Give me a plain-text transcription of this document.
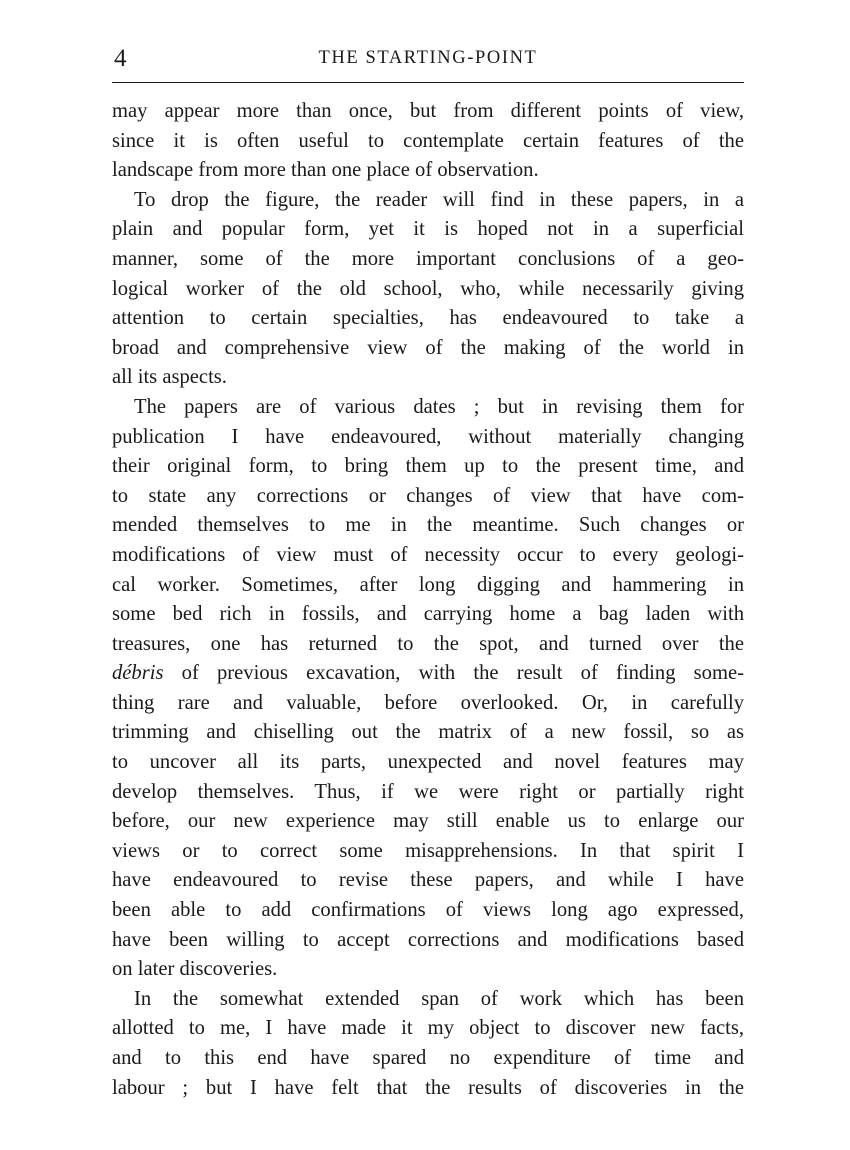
4	THE STARTING-POINT
may appear more than once, but from different points of view,
since it is often useful to contemplate certain features of the
landscape from more than one place of observation.
To drop the figure, the reader will find in these papers, in a
plain and popular form, yet it is hoped not in a superficial
manner, some of the more important conclusions of a geo-
logical worker of the old school, who, while necessarily giving
attention to certain specialties, has endeavoured to take a
broad and comprehensive view of the making of the world in
all its aspects.
The papers are of various dates ; but in revising them for
publication I have endeavoured, without materially changing
their original form, to bring them up to the present time, and
to state any corrections or changes of view that have com-
mended themselves to me in the meantime. Such changes or
modifications of view must of necessity occur to every geologi-
cal worker. Sometimes, after long digging and hammering in
some bed rich in fossils, and carrying home a bag laden with
treasures, one has returned to the spot, and turned over the
débris of previous excavation, with the result of finding some-
thing rare and valuable, before overlooked. Or, in carefully
trimming and chiselling out the matrix of a new fossil, so as
to uncover all its parts, unexpected and novel features may
develop themselves. Thus, if we were right or partially right
before, our new experience may still enable us to enlarge our
views or to correct some misapprehensions. In that spirit I
have endeavoured to revise these papers, and while I have
been able to add confirmations of views long ago expressed,
have been willing to accept corrections and modifications based
on later discoveries.
In the somewhat extended span of work which has been
allotted to me, I have made it my object to discover new facts,
and to this end have spared no expenditure of time and
labour ; but I have felt that the results of discoveries in the
